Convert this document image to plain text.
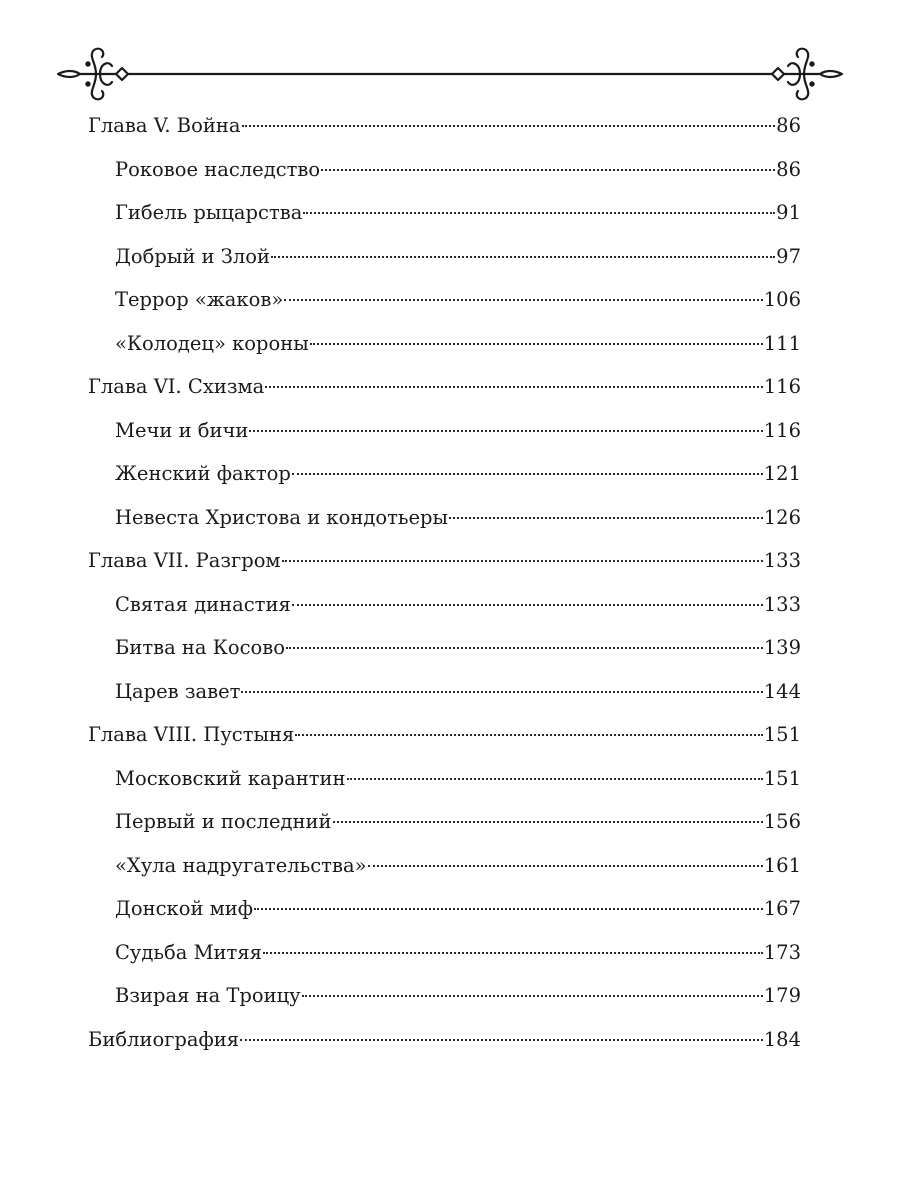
Глава V. Война	86
Роковое наследство	86
Гибель рыцарства	91
Добрый и Злой	97
Террор «жаков»	106
«Колодец» короны	111
Глава VI. Схизма	116
Мечи и бичи	116
Женский фактор	121
Невеста Христова и кондотьеры	126
Глава VII. Разгром	133
Святая династия	133
Битва на Косово	139
Царев завет	144
Глава VIII. Пустыня	151
Московский карантин	151
Первый и последний	156
«Хула надругательства»	161
Донской миф	167
Судьба Митяя	173
Взирая на Троицу	179
Библиография	184
